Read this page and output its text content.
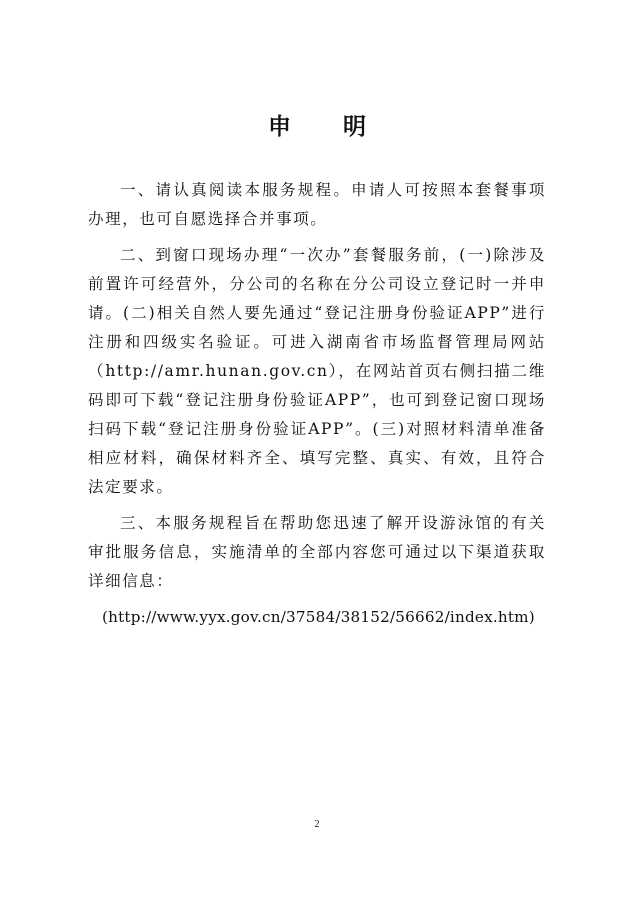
申 明

一、请认真阅读本服务规程。申请人可按照本套餐事项办理，也可自愿选择合并事项。

二、到窗口现场办理“一次办”套餐服务前，(一)除涉及前置许可经营外，分公司的名称在分公司设立登记时一并申请。(二)相关自然人要先通过“登记注册身份验证APP”进行注册和四级实名验证。可进入湖南省市场监督管理局网站（http://amr.hunan.gov.cn），在网站首页右侧扫描二维码即可下载“登记注册身份验证APP”，也可到登记窗口现场扫码下载“登记注册身份验证APP”。(三)对照材料清单准备相应材料，确保材料齐全、填写完整、真实、有效，且符合法定要求。

三、本服务规程旨在帮助您迅速了解开设游泳馆的有关审批服务信息，实施清单的全部内容您可通过以下渠道获取详细信息：

(http://www.yyx.gov.cn/37584/38152/56662/index.htm)

2
